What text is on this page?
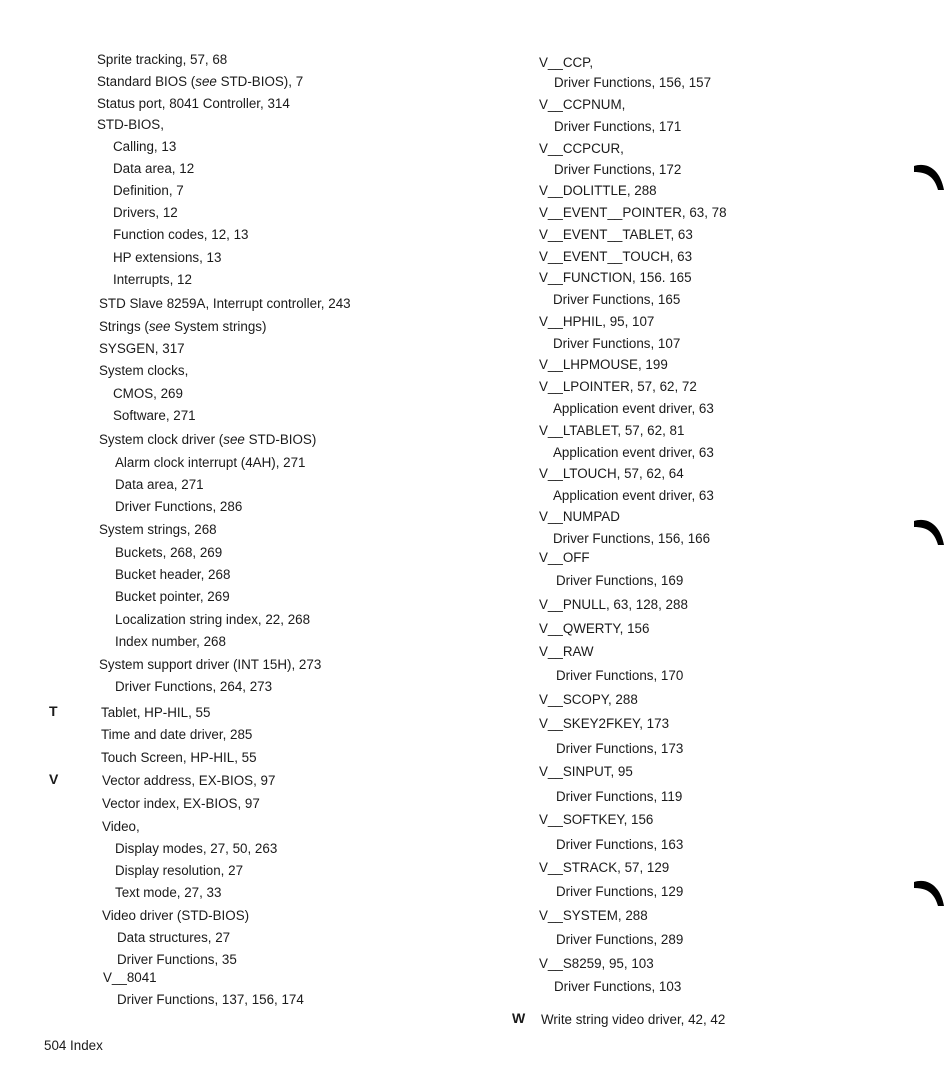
Sprite tracking, 57, 68
Standard BIOS (see STD-BIOS), 7
Status port, 8041 Controller, 314
STD-BIOS,
Calling, 13
Data area, 12
Definition, 7
Drivers, 12
Function codes, 12, 13
HP extensions, 13
Interrupts, 12
STD Slave 8259A, Interrupt controller, 243
Strings (see System strings)
SYSGEN, 317
System clocks,
CMOS, 269
Software, 271
System clock driver (see STD-BIOS)
Alarm clock interrupt (4AH), 271
Data area, 271
Driver Functions, 286
System strings, 268
Buckets, 268, 269
Bucket header, 268
Bucket pointer, 269
Localization string index, 22, 268
Index number, 268
System support driver (INT 15H), 273
Driver Functions, 264, 273
Tablet, HP-HIL, 55
Time and date driver, 285
Touch Screen, HP-HIL, 55
Vector address, EX-BIOS, 97
Vector index, EX-BIOS, 97
Video,
Display modes, 27, 50, 263
Display resolution, 27
Text mode, 27, 33
Video driver (STD-BIOS)
Data structures, 27
Driver Functions, 35
V__8041
Driver Functions, 137, 156, 174
V__CCP,
Driver Functions, 156, 157
V__CCPNUM,
Driver Functions, 171
V__CCPCUR,
Driver Functions, 172
V__DOLITTLE, 288
V__EVENT__POINTER, 63, 78
V__EVENT__TABLET, 63
V__EVENT__TOUCH, 63
V__FUNCTION, 156. 165
Driver Functions, 165
V__HPHIL, 95, 107
Driver Functions, 107
V__LHPMOUSE, 199
V__LPOINTER, 57, 62, 72
Application event driver, 63
V__LTABLET, 57, 62, 81
Application event driver, 63
V__LTOUCH, 57, 62, 64
Application event driver, 63
V__NUMPAD
Driver Functions, 156, 166
V__OFF
Driver Functions, 169
V__PNULL, 63, 128, 288
V__QWERTY, 156
V__RAW
Driver Functions, 170
V__SCOPY, 288
V__SKEY2FKEY, 173
Driver Functions, 173
V__SINPUT, 95
Driver Functions, 119
V__SOFTKEY, 156
Driver Functions, 163
V__STRACK, 57, 129
Driver Functions, 129
V__SYSTEM, 288
Driver Functions, 289
V__S8259, 95, 103
Driver Functions, 103
Write string video driver, 42, 42
T
V
W
504 Index
